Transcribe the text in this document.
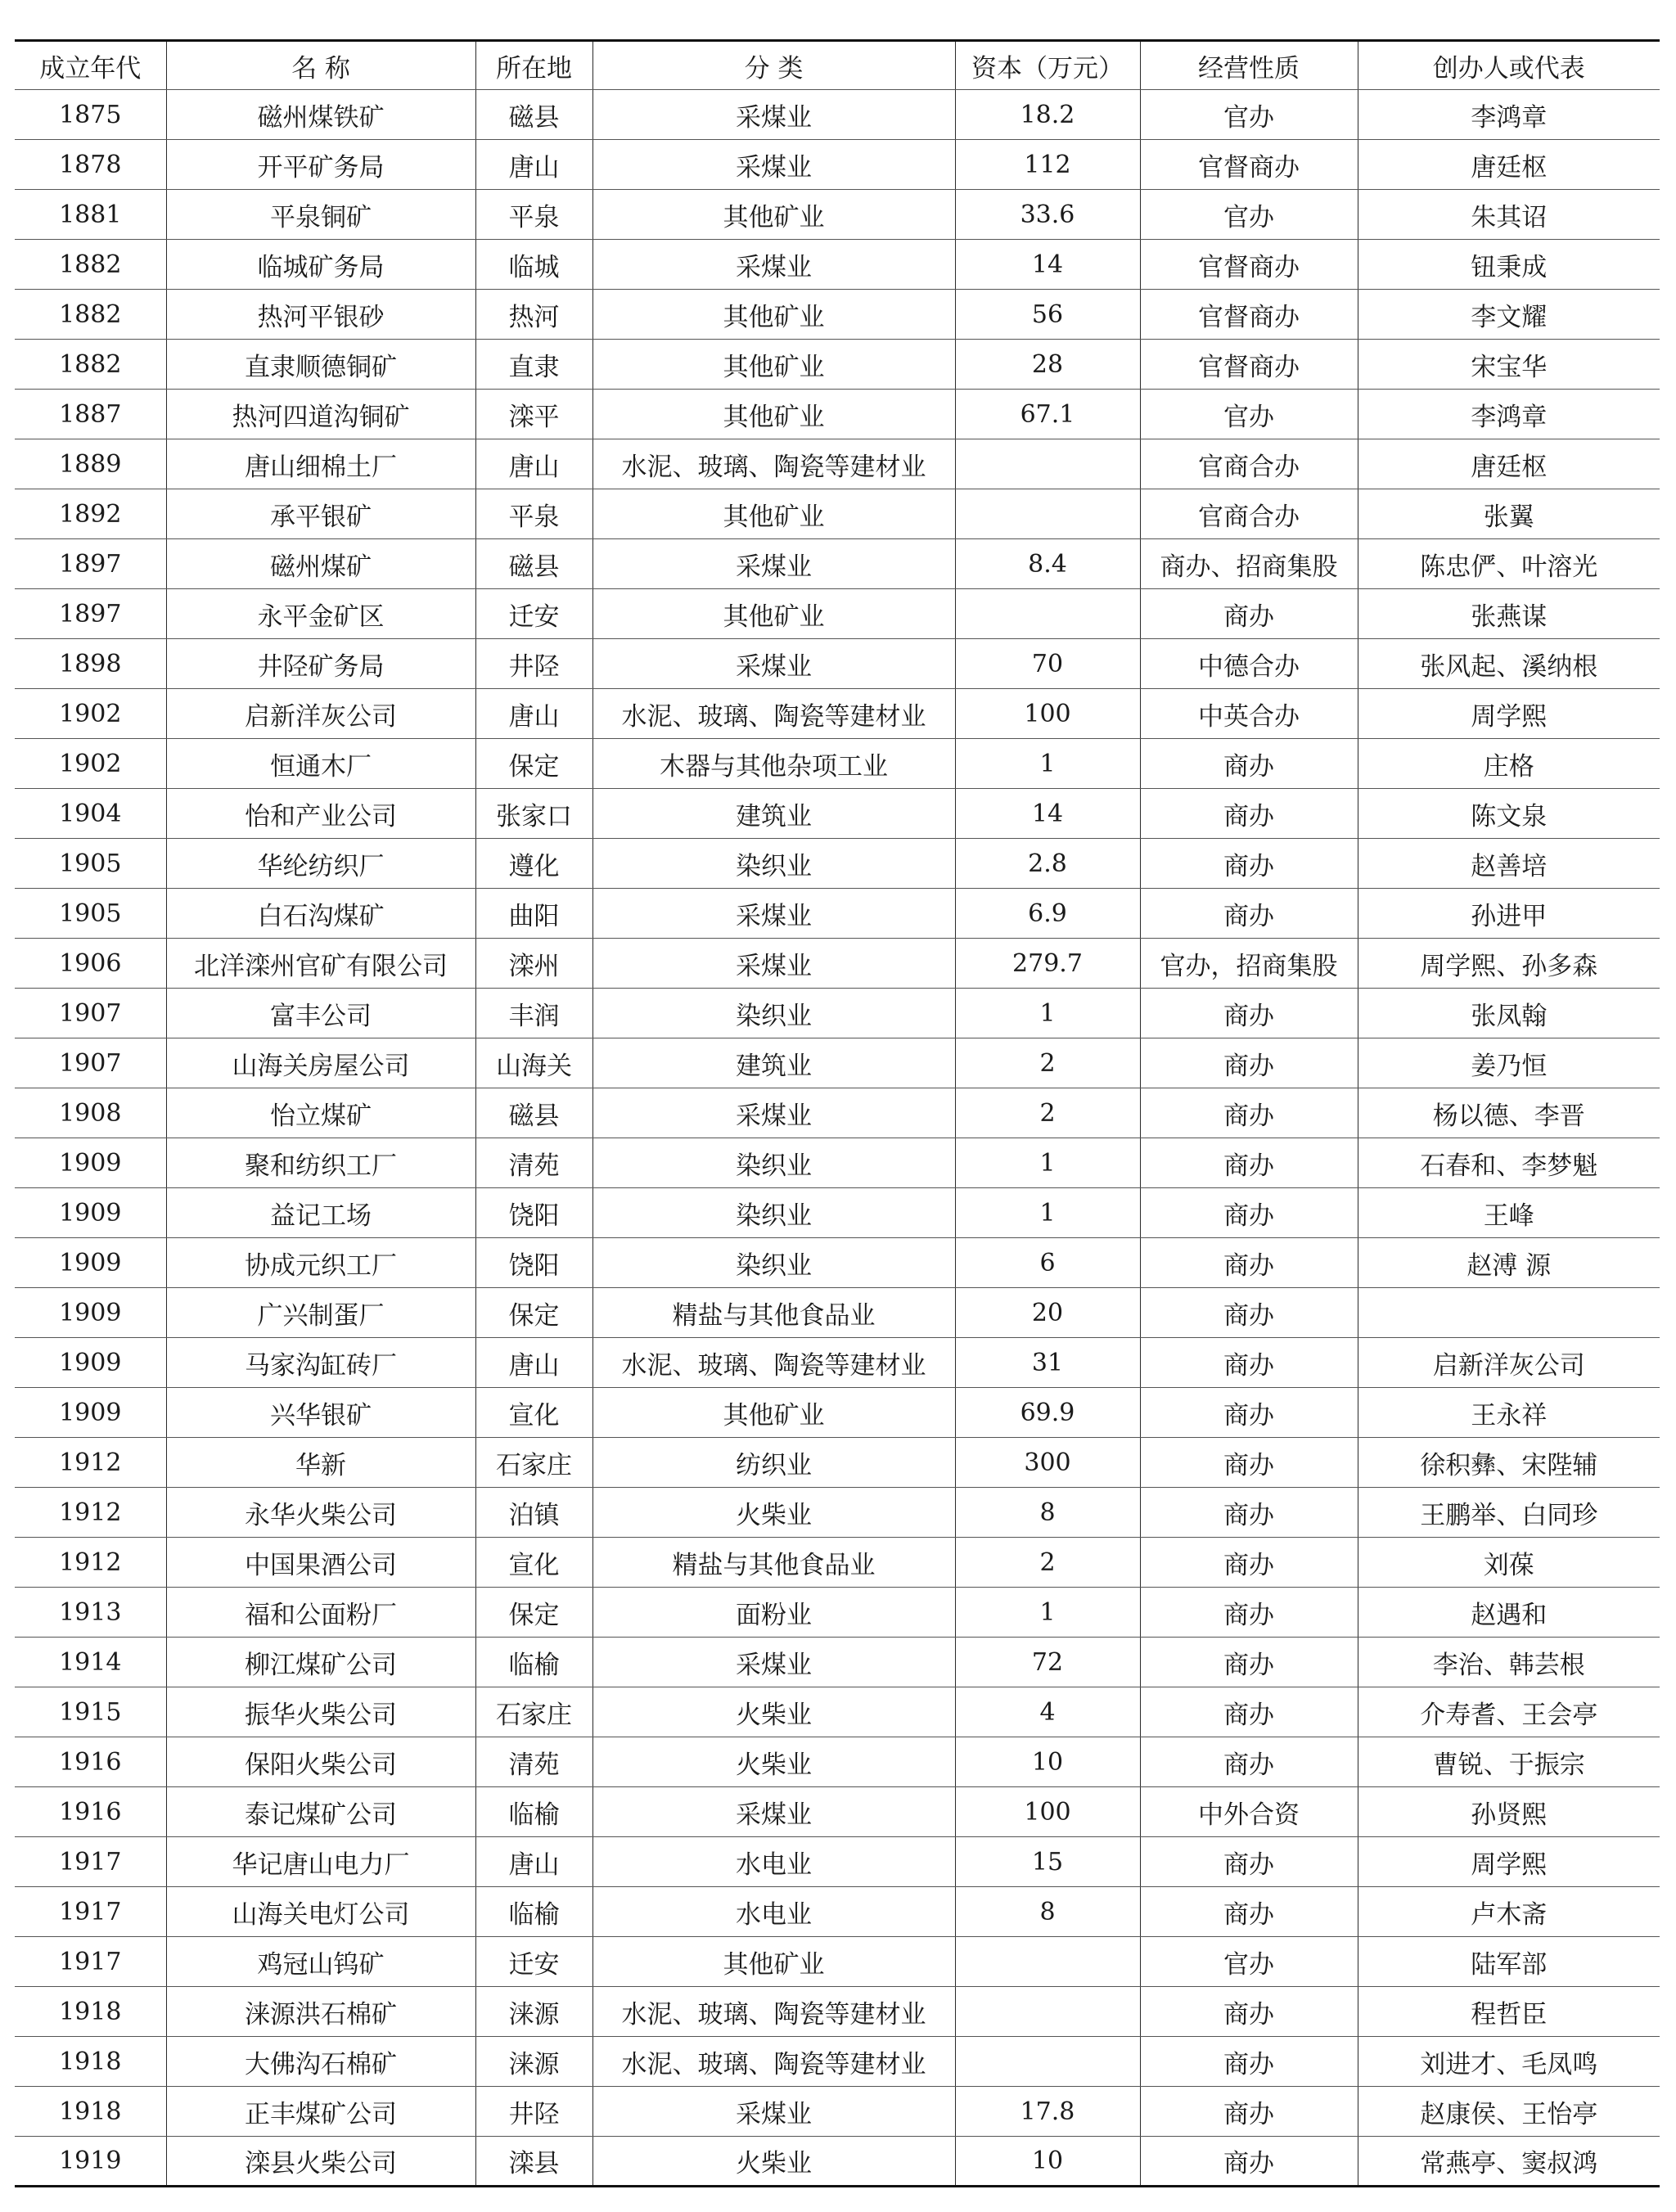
成立年代	名 称	所在地	分 类	资本（万元）	经营性质	创办人或代表
1875	磁州煤铁矿	磁县	采煤业	18.2	官办	李鸿章
1878	开平矿务局	唐山	采煤业	112	官督商办	唐廷枢
1881	平泉铜矿	平泉	其他矿业	33.6	官办	朱其诏
1882	临城矿务局	临城	采煤业	14	官督商办	钮秉成
1882	热河平银砂	热河	其他矿业	56	官督商办	李文耀
1882	直隶顺德铜矿	直隶	其他矿业	28	官督商办	宋宝华
1887	热河四道沟铜矿	滦平	其他矿业	67.1	官办	李鸿章
1889	唐山细棉土厂	唐山	水泥、玻璃、陶瓷等建材业		官商合办	唐廷枢
1892	承平银矿	平泉	其他矿业		官商合办	张翼
1897	磁州煤矿	磁县	采煤业	8.4	商办、招商集股	陈忠俨、叶溶光
1897	永平金矿区	迁安	其他矿业		商办	张燕谋
1898	井陉矿务局	井陉	采煤业	70	中德合办	张风起、溪纳根
1902	启新洋灰公司	唐山	水泥、玻璃、陶瓷等建材业	100	中英合办	周学熙
1902	恒通木厂	保定	木器与其他杂项工业	1	商办	庄格
1904	怡和产业公司	张家口	建筑业	14	商办	陈文泉
1905	华纶纺织厂	遵化	染织业	2.8	商办	赵善培
1905	白石沟煤矿	曲阳	采煤业	6.9	商办	孙进甲
1906	北洋滦州官矿有限公司	滦州	采煤业	279.7	官办，招商集股	周学熙、孙多森
1907	富丰公司	丰润	染织业	1	商办	张凤翰
1907	山海关房屋公司	山海关	建筑业	2	商办	姜乃恒
1908	怡立煤矿	磁县	采煤业	2	商办	杨以德、李晋
1909	聚和纺织工厂	清苑	染织业	1	商办	石春和、李梦魁
1909	益记工场	饶阳	染织业	1	商办	王峰
1909	协成元织工厂	饶阳	染织业	6	商办	赵溥 源
1909	广兴制蛋厂	保定	精盐与其他食品业	20	商办	
1909	马家沟缸砖厂	唐山	水泥、玻璃、陶瓷等建材业	31	商办	启新洋灰公司
1909	兴华银矿	宣化	其他矿业	69.9	商办	王永祥
1912	华新	石家庄	纺织业	300	商办	徐积彝、宋陛辅
1912	永华火柴公司	泊镇	火柴业	8	商办	王鹏举、白同珍
1912	中国果酒公司	宣化	精盐与其他食品业	2	商办	刘葆
1913	福和公面粉厂	保定	面粉业	1	商办	赵遇和
1914	柳江煤矿公司	临榆	采煤业	72	商办	李治、韩芸根
1915	振华火柴公司	石家庄	火柴业	4	商办	介寿耆、王会亭
1916	保阳火柴公司	清苑	火柴业	10	商办	曹锐、于振宗
1916	泰记煤矿公司	临榆	采煤业	100	中外合资	孙贤熙
1917	华记唐山电力厂	唐山	水电业	15	商办	周学熙
1917	山海关电灯公司	临榆	水电业	8	商办	卢木斋
1917	鸡冠山钨矿	迁安	其他矿业		官办	陆军部
1918	涞源洪石棉矿	涞源	水泥、玻璃、陶瓷等建材业		商办	程哲臣
1918	大佛沟石棉矿	涞源	水泥、玻璃、陶瓷等建材业		商办	刘进才、毛凤鸣
1918	正丰煤矿公司	井陉	采煤业	17.8	商办	赵康侯、王怡亭
1919	滦县火柴公司	滦县	火柴业	10	商办	常燕亭、窦叔鸿
